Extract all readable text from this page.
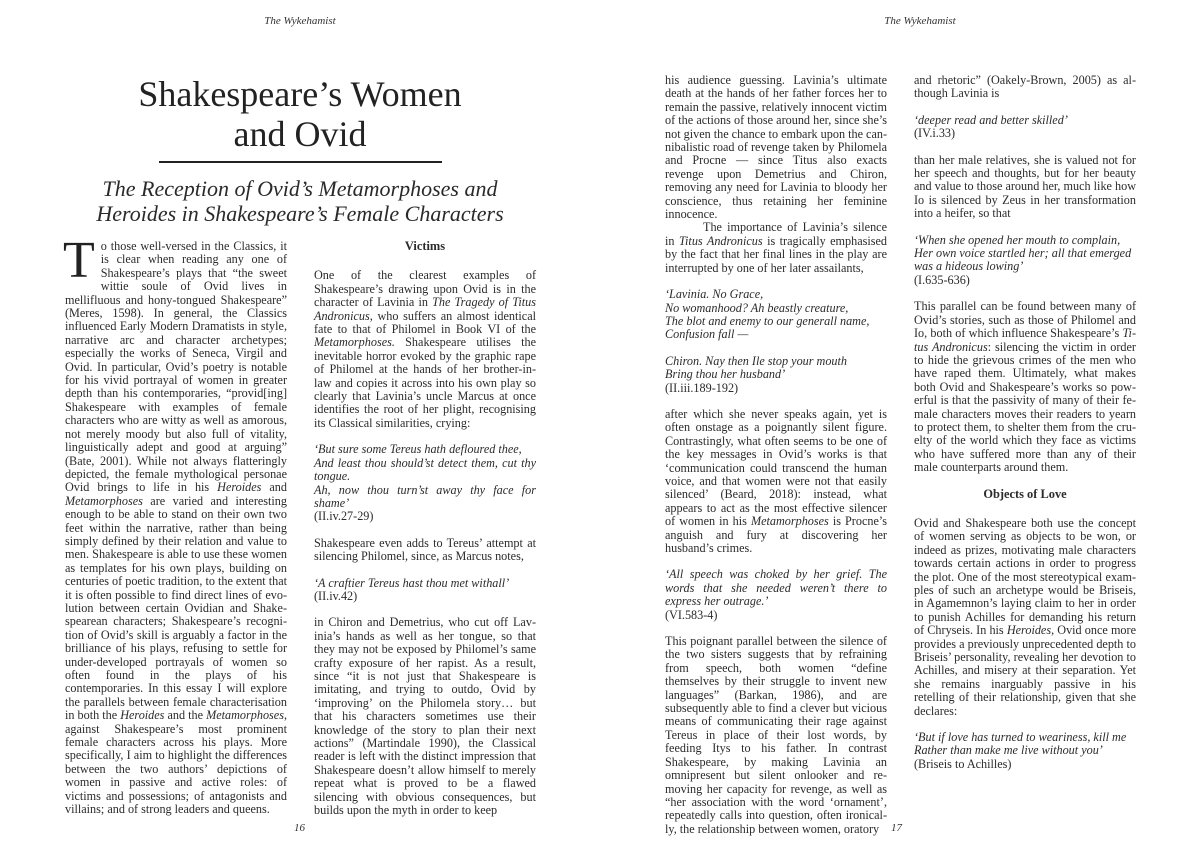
The Wykehamist
Shakespeare’s Women
and Ovid
The Reception of Ovid’s Metamorphoses and
Heroides in Shakespeare’s Female Characters

To those well-versed in the Classics, it is clear when reading any one of Shakespeare’s plays that “the sweet wittie soule of Ovid lives in mellifluous and hony-tongued Shakespeare” (Meres, 1598). In general, the Classics influenced Early Modern Dramatists in style, narrative arc and character archetypes; especially the works of Seneca, Virgil and Ovid. In particular, Ovid’s poetry is notable for his vivid portrayal of women in greater depth than his contemporaries, “provid[ing] Shakespeare with examples of female characters who are witty as well as amorous, not merely moody but also full of vitality, linguistically adept and good at arguing” (Bate, 2001). While not always flatteringly depicted, the female mythological personae Ovid brings to life in his Heroides and Metamorphoses are varied and interesting enough to be able to stand on their own two feet within the narrative, rather than being simply defined by their relation and value to men. Shakespeare is able to use these women as templates for his own plays, building on centuries of poetic tradition, to the extent that it is often possible to find direct lines of evolution between certain Ovidian and Shakespearean characters; Shakespeare’s recognition of Ovid’s skill is arguably a factor in the brilliance of his plays, refusing to settle for under-developed portrayals of women so often found in the plays of his contemporaries. In this essay I will explore the parallels between female characterisation in both the Heroides and the Metamorphoses, against Shakespeare’s most prominent female characters across his plays. More specifically, I aim to highlight the differences between the two authors’ depictions of women in passive and active roles: of victims and possessions; of antagonists and villains; and of strong leaders and queens.

Victims

One of the clearest examples of Shakespeare’s drawing upon Ovid is in the character of Lavinia in The Tragedy of Titus Andronicus, who suffers an almost identical fate to that of Philomel in Book VI of the Metamorphoses. Shakespeare utilises the inevitable horror evoked by the graphic rape of Philomel at the hands of her brother-in-law and copies it across into his own play so clearly that Lavinia’s uncle Marcus at once identifies the root of her plight, recognising its Classical similarities, crying:

‘But sure some Tereus hath defloured thee,
And least thou should’st detect them, cut thy tongue.
Ah, now thou turn’st away thy face for shame’

(II.iv.27-29)

Shakespeare even adds to Tereus’ attempt at silencing Philomel, since, as Marcus notes,

‘A craftier Tereus hast thou met withall’

(II.iv.42)

in Chiron and Demetrius, who cut off Lavinia’s hands as well as her tongue, so that they may not be exposed by Philomel’s same crafty exposure of her rapist. As a result, since “it is not just that Shakespeare is imitating, and trying to outdo, Ovid by ‘improving’ on the Philomela story… but that his characters sometimes use their knowledge of the story to plan their next actions” (Martindale 1990), the Classical reader is left with the distinct impression that Shakespeare doesn’t allow himself to merely repeat what is proved to be a flawed silencing with obvious consequences, but builds upon the myth in order to keep

16
The Wykehamist
17

his audience guessing. Lavinia’s ultimate death at the hands of her father forces her to remain the passive, relatively innocent victim of the actions of those around her, since she’s not given the chance to embark upon the cannibalistic road of revenge taken by Philomela and Procne — since Titus also exacts revenge upon Demetrius and Chiron, removing any need for Lavinia to bloody her conscience, thus retaining her feminine innocence.

The importance of Lavinia’s silence in Titus Andronicus is tragically emphasised by the fact that her final lines in the play are interrupted by one of her later assailants,

‘Lavinia. No Grace,
No womanhood? Ah beastly creature,
The blot and enemy to our generall name,
Confusion fall —

Chiron. Nay then Ile stop your mouth
Bring thou her husband’

(II.iii.189-192)

after which she never speaks again, yet is often onstage as a poignantly silent figure. Contrastingly, what often seems to be one of the key messages in Ovid’s works is that ‘communication could transcend the human voice, and that women were not that easily silenced’ (Beard, 2018): instead, what appears to act as the most effective silencer of women in his Metamorphoses is Procne’s anguish and fury at discovering her husband’s crimes.

‘All speech was choked by her grief. The words that she needed weren’t there to express her outrage.’

(VI.583-4)

This poignant parallel between the silence of the two sisters suggests that by refraining from speech, both women “define themselves by their struggle to invent new languages” (Barkan, 1986), and are subsequently able to find a clever but vicious means of communicating their rage against Tereus in place of their lost words, by feeding Itys to his father. In contrast Shakespeare, by making Lavinia an omnipresent but silent onlooker and removing her capacity for revenge, as well as “her association with the word ‘ornament’, repeatedly calls into question, often ironically, the relationship between women, oratory

and rhetoric” (Oakely-Brown, 2005) as although Lavinia is

‘deeper read and better skilled’

(IV.i.33)

than her male relatives, she is valued not for her speech and thoughts, but for her beauty and value to those around her, much like how Io is silenced by Zeus in her transformation into a heifer, so that

‘When she opened her mouth to complain,
Her own voice startled her; all that emerged was a hideous lowing’

(I.635-636)

This parallel can be found between many of Ovid’s stories, such as those of Philomel and Io, both of which influence Shakespeare’s Titus Andronicus: silencing the victim in order to hide the grievous crimes of the men who have raped them. Ultimately, what makes both Ovid and Shakespeare’s works so powerful is that the passivity of many of their female characters moves their readers to yearn to protect them, to shelter them from the cruelty of the world which they face as victims who have suffered more than any of their male counterparts around them.

Objects of Love

Ovid and Shakespeare both use the concept of women serving as objects to be won, or indeed as prizes, motivating male characters towards certain actions in order to progress the plot. One of the most stereotypical examples of such an archetype would be Briseis, in Agamemnon’s laying claim to her in order to punish Achilles for demanding his return of Chryseis. In his Heroides, Ovid once more provides a previously unprecedented depth to Briseis’ personality, revealing her devotion to Achilles, and misery at their separation. Yet she remains inarguably passive in his retelling of their relationship, given that she declares:

‘But if love has turned to weariness, kill me
Rather than make me live without you’

(Briseis to Achilles)
